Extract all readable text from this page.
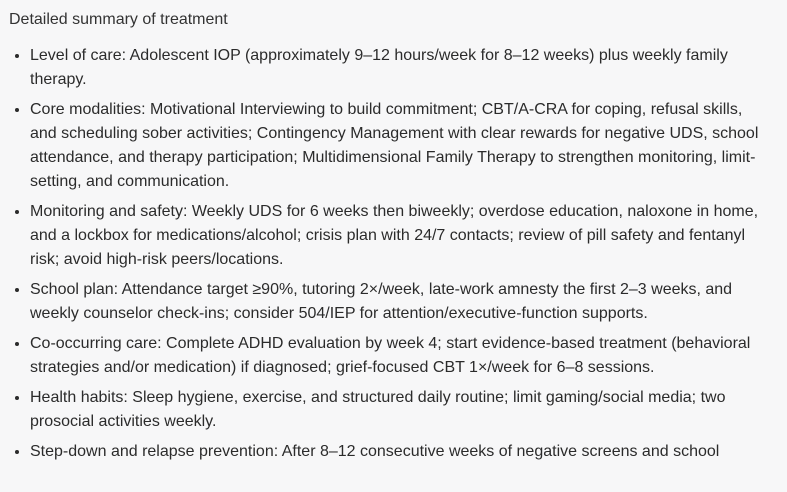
Detailed summary of treatment
Level of care: Adolescent IOP (approximately 9–12 hours/week for 8–12 weeks) plus weekly family therapy.
Core modalities: Motivational Interviewing to build commitment; CBT/A-CRA for coping, refusal skills, and scheduling sober activities; Contingency Management with clear rewards for negative UDS, school attendance, and therapy participation; Multidimensional Family Therapy to strengthen monitoring, limit-setting, and communication.
Monitoring and safety: Weekly UDS for 6 weeks then biweekly; overdose education, naloxone in home, and a lockbox for medications/alcohol; crisis plan with 24/7 contacts; review of pill safety and fentanyl risk; avoid high-risk peers/locations.
School plan: Attendance target ≥90%, tutoring 2×/week, late-work amnesty the first 2–3 weeks, and weekly counselor check-ins; consider 504/IEP for attention/executive-function supports.
Co-occurring care: Complete ADHD evaluation by week 4; start evidence-based treatment (behavioral strategies and/or medication) if diagnosed; grief-focused CBT 1×/week for 6–8 sessions.
Health habits: Sleep hygiene, exercise, and structured daily routine; limit gaming/social media; two prosocial activities weekly.
Step-down and relapse prevention: After 8–12 consecutive weeks of negative screens and school
